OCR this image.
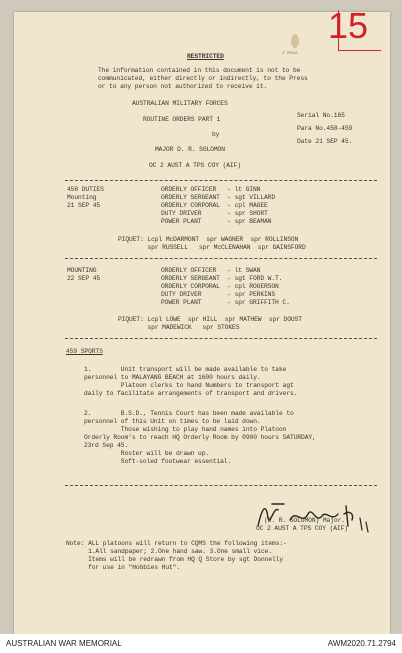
15
2 Rows
RESTRICTED
The information contained in this document is not to be
communicated, either directly or indirectly, to the Press
or to any person not authorized to receive it.
AUSTRALIAN MILITARY FORCES
ROUTINE ORDERS PART 1
by
MAJOR D. R. SOLOMON
OC 2 AUST A TPS COY (AIF)
Serial No.165
Para No.458-459
Date 21 SEP 45.
458 DUTIES
Mounting
21 SEP 45
ORDERLY OFFICER   - lt GINN
ORDERLY SERGEANT  - sgt VILLARD
ORDERLY CORPORAL  - cpl MAGEE
DUTY DRIVER       - spr SHORT
POWER PLANT       - spr BEAMAN
PIQUET: Lcpl McDARMONT  spr WAGNER  spr ROLLINSON
spr RUSSELL   spr McCLENAHAN  spr GAINSFORD
MOUNTING
22 SEP 45
ORDERLY OFFICER   - lt SWAN
ORDERLY SERGEANT  - sgt FORD W.T.
ORDERLY CORPORAL  - cpl ROGERSON
DUTY DRIVER       - spr PERKINS
POWER PLANT       - spr GRIFFITH C.
PIQUET: Lcpl LOWE  spr HILL  spr MATHEW  spr DOUST
spr MADEWICK   spr STOKES
459 SPORTS
1.        Unit transport will be made available to take
personnel to MALAYANG BEACH at 1600 hours daily.
Platoon clerks to hand Numbers to transport agt
daily to facilitate arrangements of transport and drivers.
2.        B.S.D., Tennis Court has been made available to
personnel of this Unit on times to be laid down.
Those wishing to play hand names into Platoon
Orderly Room's to reach HQ Orderly Room by 0900 hours SATURDAY,
23rd Sep 45.
Roster will be drawn up.
Soft-soled footwear essential.
(D. R. SOLOMON) Major.
OC 2 AUST A TPS COY (AIF)
Note: ALL platoons will return to CQMS the following items:-
1.All sandpaper; 2.One hand saw. 3.One small vice.
Items will be redrawn from HQ Q Store by sgt Donnelly
for use in "Hobbies Hut".
AUSTRALIAN WAR MEMORIAL	AWM2020.71.2794
